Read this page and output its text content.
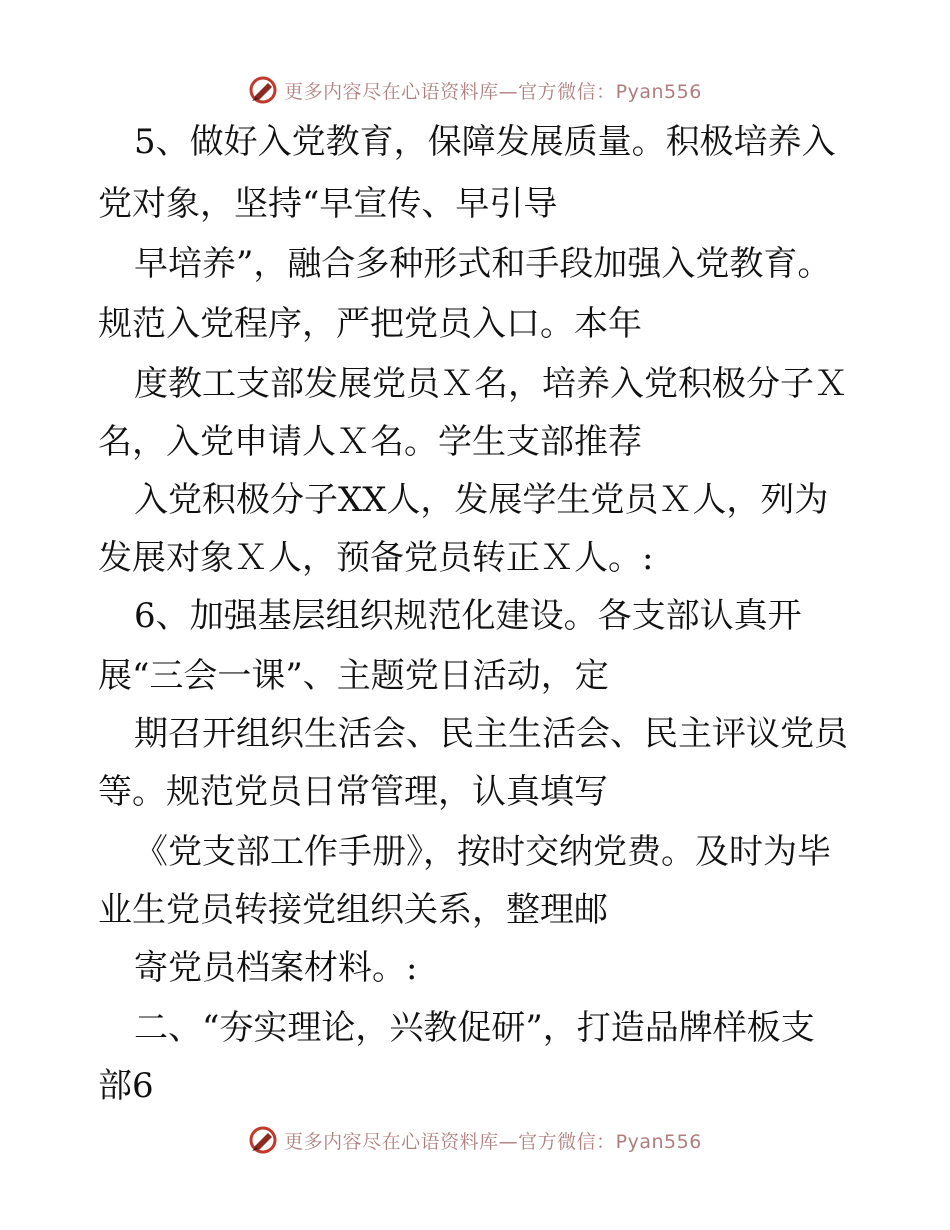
更多内容尽在心语资料库—官方微信：Pyan556
5、做好入党教育，保障发展质量。积极培养入
党对象，坚持“早宣传、早引导
早培养”，融合多种形式和手段加强入党教育。
规范入党程序，严把党员入口。本年
度教工支部发展党员Ｘ名，培养入党积极分子Ｘ
名，入党申请人Ｘ名。学生支部推荐
入党积极分子XX人，发展学生党员Ｘ人，列为
发展对象Ｘ人，预备党员转正Ｘ人。:
6、加强基层组织规范化建设。各支部认真开
展“三会一课”、主题党日活动，定
期召开组织生活会、民主生活会、民主评议党员
等。规范党员日常管理，认真填写
《党支部工作手册》，按时交纳党费。及时为毕
业生党员转接党组织关系，整理邮
寄党员档案材料。:
二、“夯实理论，兴教促研”，打造品牌样板支
部6
更多内容尽在心语资料库—官方微信：Pyan556
